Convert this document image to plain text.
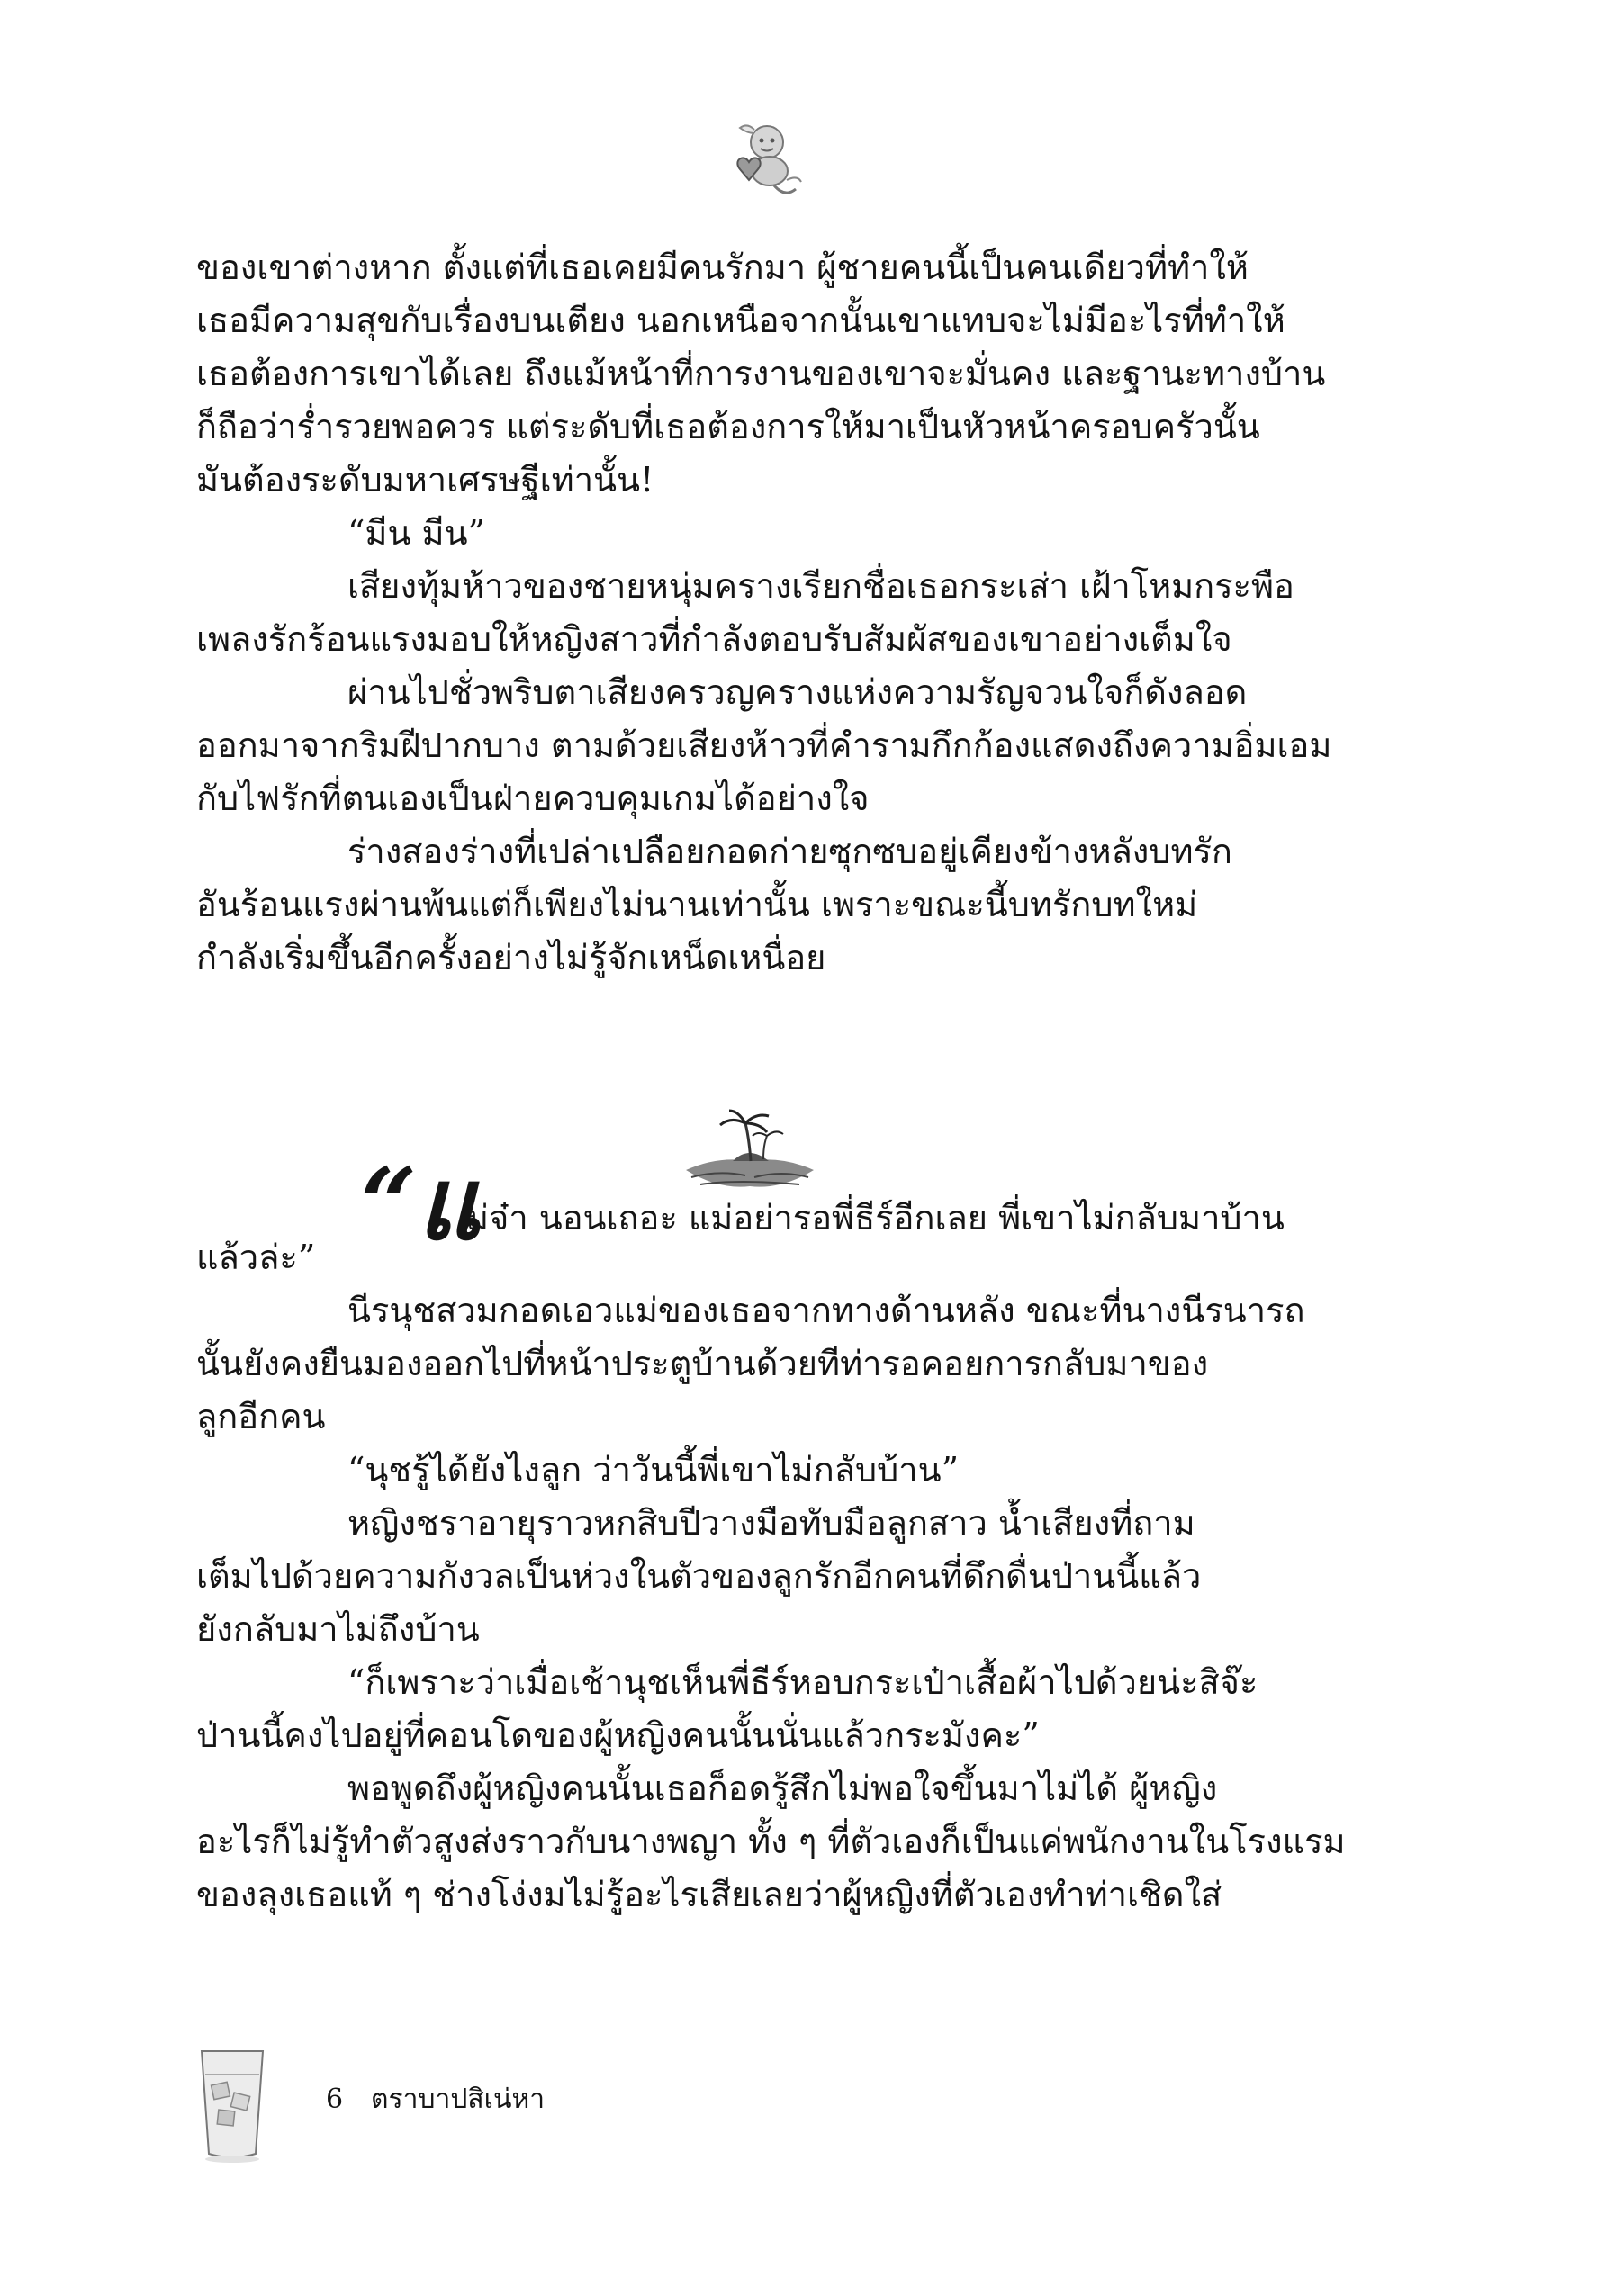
ของเขาต่างหาก ตั้งแต่ที่เธอเคยมีคนรักมา ผู้ชายคนนี้เป็นคนเดียวที่ทำให้
เธอมีความสุขกับเรื่องบนเตียง นอกเหนือจากนั้นเขาแทบจะไม่มีอะไรที่ทำให้
เธอต้องการเขาได้เลย ถึงแม้หน้าที่การงานของเขาจะมั่นคง และฐานะทางบ้าน
ก็ถือว่าร่ำรวยพอควร แต่ระดับที่เธอต้องการให้มาเป็นหัวหน้าครอบครัวนั้น
มันต้องระดับมหาเศรษฐีเท่านั้น!
“มีน มีน”
เสียงทุ้มห้าวของชายหนุ่มครางเรียกชื่อเธอกระเส่า เฝ้าโหมกระพือ
เพลงรักร้อนแรงมอบให้หญิงสาวที่กำลังตอบรับสัมผัสของเขาอย่างเต็มใจ
ผ่านไปชั่วพริบตาเสียงครวญครางแห่งความรัญจวนใจก็ดังลอด
ออกมาจากริมฝีปากบาง ตามด้วยเสียงห้าวที่คำรามกึกก้องแสดงถึงความอิ่มเอม
กับไฟรักที่ตนเองเป็นฝ่ายควบคุมเกมได้อย่างใจ
ร่างสองร่างที่เปล่าเปลือยกอดก่ายซุกซบอยู่เคียงข้างหลังบทรัก
อันร้อนแรงผ่านพ้นแต่ก็เพียงไม่นานเท่านั้น เพราะขณะนี้บทรักบทใหม่
กำลังเริ่มขึ้นอีกครั้งอย่างไม่รู้จักเหน็ดเหนื่อย
“แ
ม่จ๋า นอนเถอะ แม่อย่ารอพี่ธีร์อีกเลย พี่เขาไม่กลับมาบ้าน
แล้วล่ะ”
นีรนุชสวมกอดเอวแม่ของเธอจากทางด้านหลัง ขณะที่นางนีรนารถ
นั้นยังคงยืนมองออกไปที่หน้าประตูบ้านด้วยทีท่ารอคอยการกลับมาของ
ลูกอีกคน
“นุชรู้ได้ยังไงลูก ว่าวันนี้พี่เขาไม่กลับบ้าน”
หญิงชราอายุราวหกสิบปีวางมือทับมือลูกสาว น้ำเสียงที่ถาม
เต็มไปด้วยความกังวลเป็นห่วงในตัวของลูกรักอีกคนที่ดึกดื่นป่านนี้แล้ว
ยังกลับมาไม่ถึงบ้าน
“ก็เพราะว่าเมื่อเช้านุชเห็นพี่ธีร์หอบกระเป๋าเสื้อผ้าไปด้วยน่ะสิจ๊ะ
ป่านนี้คงไปอยู่ที่คอนโดของผู้หญิงคนนั้นนั่นแล้วกระมังคะ”
พอพูดถึงผู้หญิงคนนั้นเธอก็อดรู้สึกไม่พอใจขึ้นมาไม่ได้ ผู้หญิง
อะไรก็ไม่รู้ทำตัวสูงส่งราวกับนางพญา ทั้ง ๆ ที่ตัวเองก็เป็นแค่พนักงานในโรงแรม
ของลุงเธอแท้ ๆ ช่างโง่งมไม่รู้อะไรเสียเลยว่าผู้หญิงที่ตัวเองทำท่าเชิดใส่
6 ตราบาปสิเน่หา
